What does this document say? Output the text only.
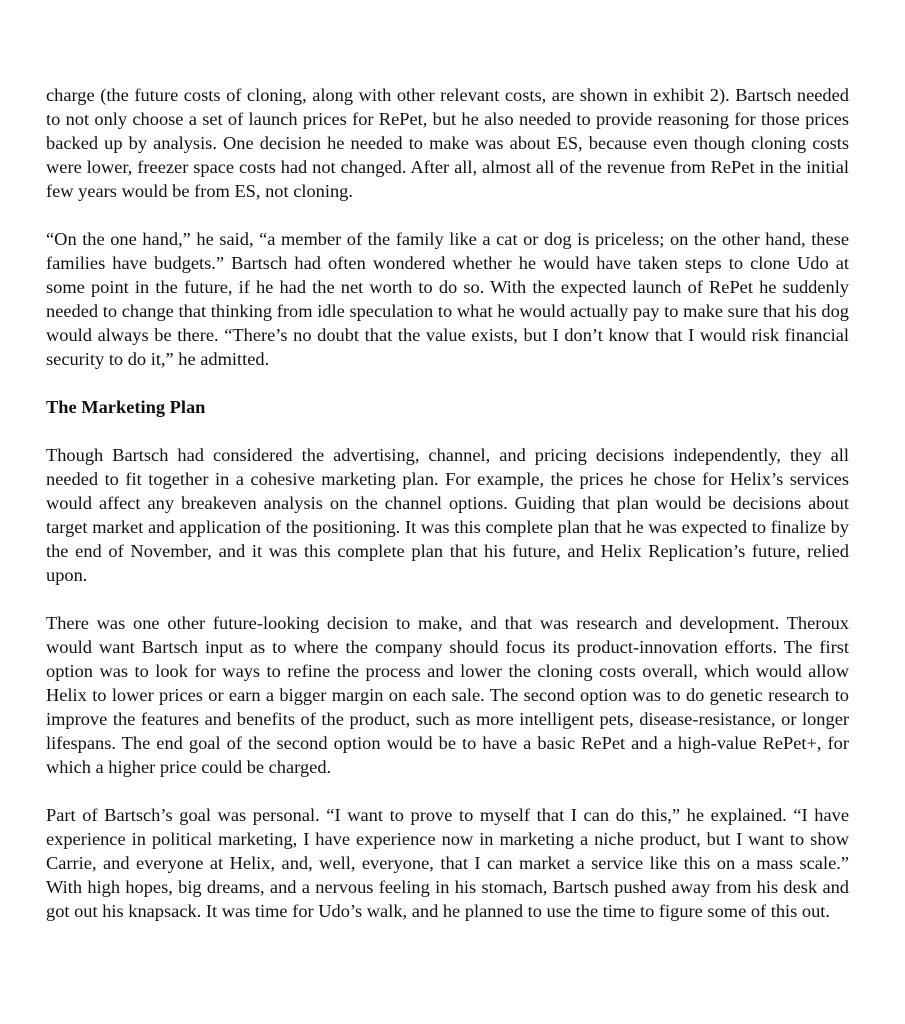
charge (the future costs of cloning, along with other relevant costs, are shown in exhibit 2). Bartsch needed to not only choose a set of launch prices for RePet, but he also needed to provide reasoning for those prices backed up by analysis. One decision he needed to make was about ES, because even though cloning costs were lower, freezer space costs had not changed. After all, almost all of the revenue from RePet in the initial few years would be from ES, not cloning.

“On the one hand,” he said, “a member of the family like a cat or dog is priceless; on the other hand, these families have budgets.” Bartsch had often wondered whether he would have taken steps to clone Udo at some point in the future, if he had the net worth to do so. With the expected launch of RePet he suddenly needed to change that thinking from idle speculation to what he would actually pay to make sure that his dog would always be there. “There’s no doubt that the value exists, but I don’t know that I would risk financial security to do it,” he admitted.

The Marketing Plan

Though Bartsch had considered the advertising, channel, and pricing decisions independently, they all needed to fit together in a cohesive marketing plan. For example, the prices he chose for Helix’s services would affect any breakeven analysis on the channel options. Guiding that plan would be decisions about target market and application of the positioning. It was this complete plan that he was expected to finalize by the end of November, and it was this complete plan that his future, and Helix Replication’s future, relied upon.

There was one other future-looking decision to make, and that was research and development. Theroux would want Bartsch input as to where the company should focus its product-innovation efforts. The first option was to look for ways to refine the process and lower the cloning costs overall, which would allow Helix to lower prices or earn a bigger margin on each sale. The second option was to do genetic research to improve the features and benefits of the product, such as more intelligent pets, disease-resistance, or longer lifespans. The end goal of the second option would be to have a basic RePet and a high-value RePet+, for which a higher price could be charged.

Part of Bartsch’s goal was personal. “I want to prove to myself that I can do this,” he explained. “I have experience in political marketing, I have experience now in marketing a niche product, but I want to show Carrie, and everyone at Helix, and, well, everyone, that I can market a service like this on a mass scale.” With high hopes, big dreams, and a nervous feeling in his stomach, Bartsch pushed away from his desk and got out his knapsack. It was time for Udo’s walk, and he planned to use the time to figure some of this out.
